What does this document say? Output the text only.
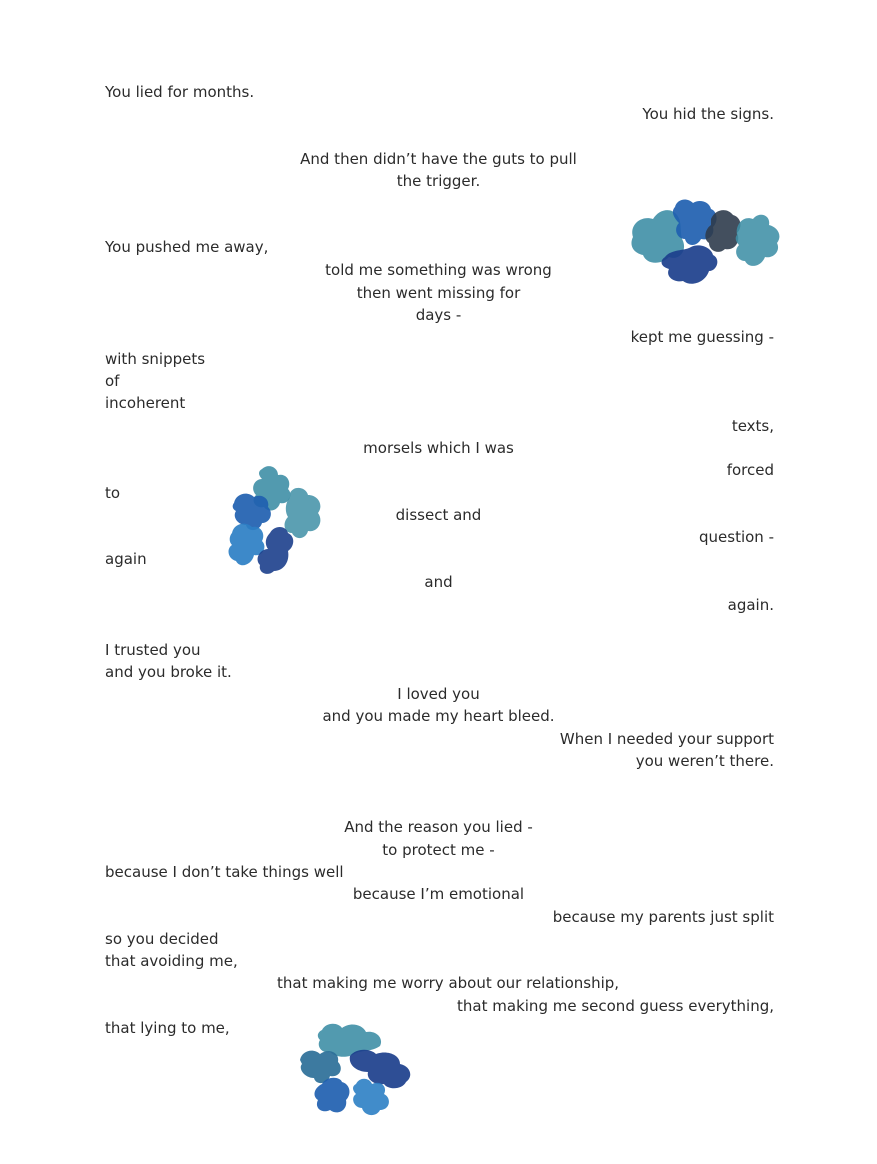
You lied for months.
You hid the signs.
And then didn’t have the guts to pull
the trigger.
You pushed me away,
told me something was wrong
then went missing for
days -
kept me guessing -
with snippets
of
incoherent
texts,
morsels which I was
forced
to
dissect and
question -
again
and
again.
I trusted you
and you broke it.
I loved you
and you made my heart bleed.
When I needed your support
you weren’t there.
And the reason you lied -
to protect me -
because I don’t take things well
because I’m emotional
because my parents just split
so you decided
that avoiding me,
that making me worry about our relationship,
that making me second guess everything,
that lying to me,
